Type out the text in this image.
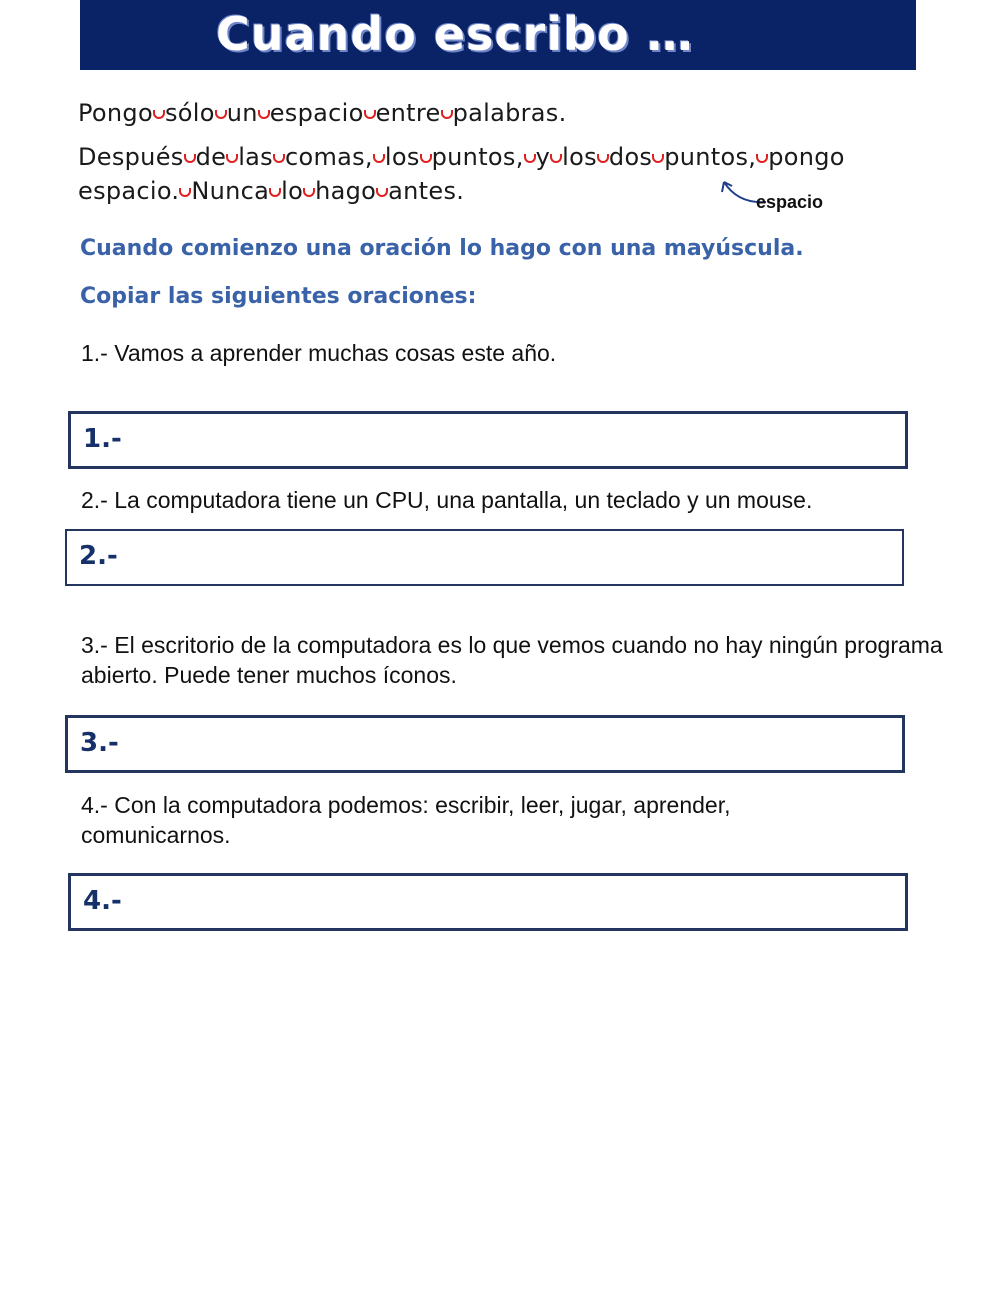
Cuando escribo …
Pongo sólo un espacio entre palabras.
Después de las comas, los puntos, y los dos puntos, pongo
espacio. Nunca lo hago antes.	espacio
Cuando comienzo una oración lo hago con una mayúscula.
Copiar las siguientes oraciones:
1.- Vamos a aprender muchas cosas este año.
1.-
2.- La computadora tiene un CPU, una pantalla, un teclado y un mouse.
2.-
3.- El escritorio de la computadora es lo que vemos cuando no hay ningún programa abierto. Puede tener muchos íconos.
3.-
4.- Con la computadora podemos: escribir, leer, jugar, aprender, comunicarnos.
4.-
